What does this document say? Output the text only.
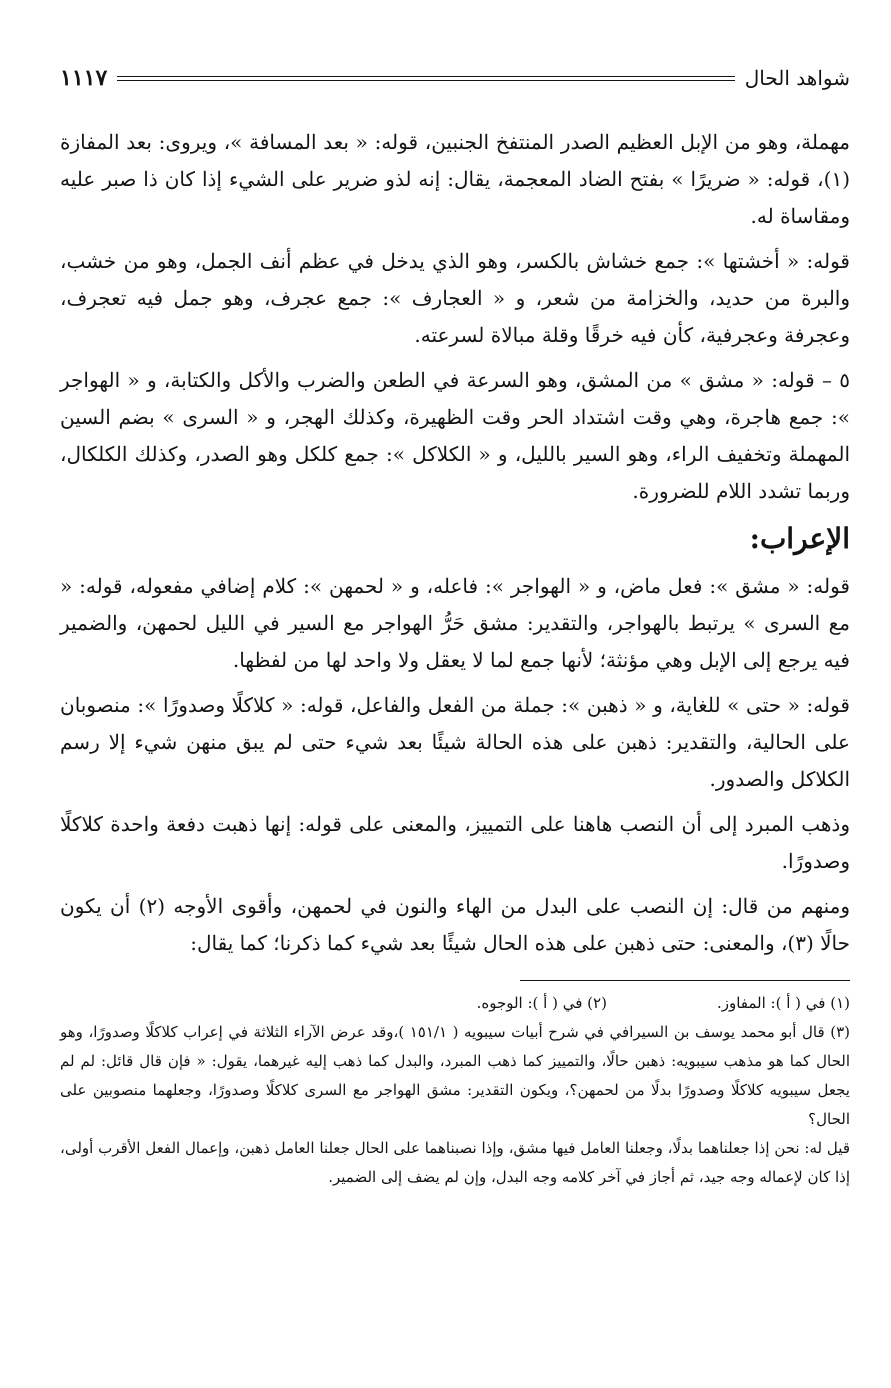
شواهد الحال
١١١٧

مهملة، وهو من الإبل العظيم الصدر المنتفخ الجنبين، قوله: « بعد المسافة »، ويروى: بعد المفازة (١)، قوله: « ضريرًا » بفتح الضاد المعجمة، يقال: إنه لذو ضرير على الشيء إذا كان ذا صبر عليه ومقاساة له.

قوله: « أخشتها »: جمع خشاش بالكسر، وهو الذي يدخل في عظم أنف الجمل، وهو من خشب، والبرة من حديد، والخزامة من شعر، و « العجارف »: جمع عجرف، وهو جمل فيه تعجرف، وعجرفة وعجرفية، كأن فيه خرقًا وقلة مبالاة لسرعته.

٥ – قوله: « مشق » من المشق، وهو السرعة في الطعن والضرب والأكل والكتابة، و « الهواجر »: جمع هاجرة، وهي وقت اشتداد الحر وقت الظهيرة، وكذلك الهجر، و « السرى » بضم السين المهملة وتخفيف الراء، وهو السير بالليل، و « الكلاكل »: جمع كلكل وهو الصدر، وكذلك الكلكال، وربما تشدد اللام للضرورة.

الإعراب:

قوله: « مشق »: فعل ماض، و « الهواجر »: فاعله، و « لحمهن »: كلام إضافي مفعوله، قوله: « مع السرى » يرتبط بالهواجر، والتقدير: مشق حَرُّ الهواجر مع السير في الليل لحمهن، والضمير فيه يرجع إلى الإبل وهي مؤنثة؛ لأنها جمع لما لا يعقل ولا واحد لها من لفظها.

قوله: « حتى » للغاية، و « ذهبن »: جملة من الفعل والفاعل، قوله: « كلاكلًا وصدورًا »: منصوبان على الحالية، والتقدير: ذهبن على هذه الحالة شيئًا بعد شيء حتى لم يبق منهن شيء إلا رسم الكلاكل والصدور.

وذهب المبرد إلى أن النصب هاهنا على التمييز، والمعنى على قوله: إنها ذهبت دفعة واحدة كلاكلًا وصدورًا.

ومنهم من قال: إن النصب على البدل من الهاء والنون في لحمهن، وأقوى الأوجه (٢) أن يكون حالًا (٣)، والمعنى: حتى ذهبن على هذه الحال شيئًا بعد شيء كما ذكرنا؛ كما يقال:

(١) في ( أ ): المفاوز.
(٢) في ( أ ): الوجوه.

(٣) قال أبو محمد يوسف بن السيرافي في شرح أبيات سيبويه ( ١٥١/١ )،وقد عرض الآراء الثلاثة في إعراب كلاكلًا وصدورًا، وهو الحال كما هو مذهب سيبويه: ذهبن حالًا، والتمييز كما ذهب المبرد، والبدل كما ذهب إليه غيرهما، يقول: « فإن قال قائل: لم لم يجعل سيبويه كلاكلًا وصدورًا بدلًا من لحمهن؟، ويكون التقدير: مشق الهواجر مع السرى كلاكلًا وصدورًا، وجعلهما منصوبين على الحال؟

قيل له: نحن إذا جعلناهما بدلًا، وجعلنا العامل فيها مشق، وإذا نصبناهما على الحال جعلنا العامل ذهبن، وإعمال الفعل الأقرب أولى، إذا كان لإعماله وجه جيد، ثم أجاز في آخر كلامه وجه البدل، وإن لم يضف إلى الضمير.
